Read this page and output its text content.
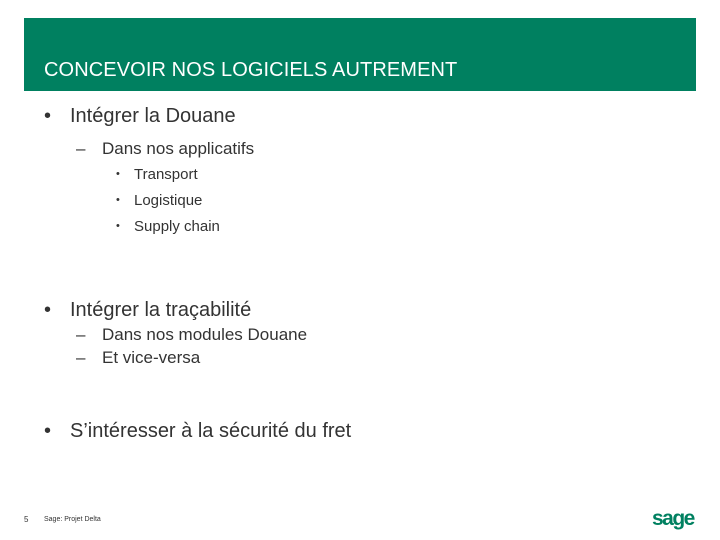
CONCEVOIR NOS LOGICIELS AUTREMENT
• Intégrer la Douane
– Dans nos applicatifs
• Transport
• Logistique
• Supply chain
• Intégrer la traçabilité
– Dans nos modules Douane
– Et vice-versa
• S’intéresser à la sécurité du fret
5 Sage: Projet Delta	sage
